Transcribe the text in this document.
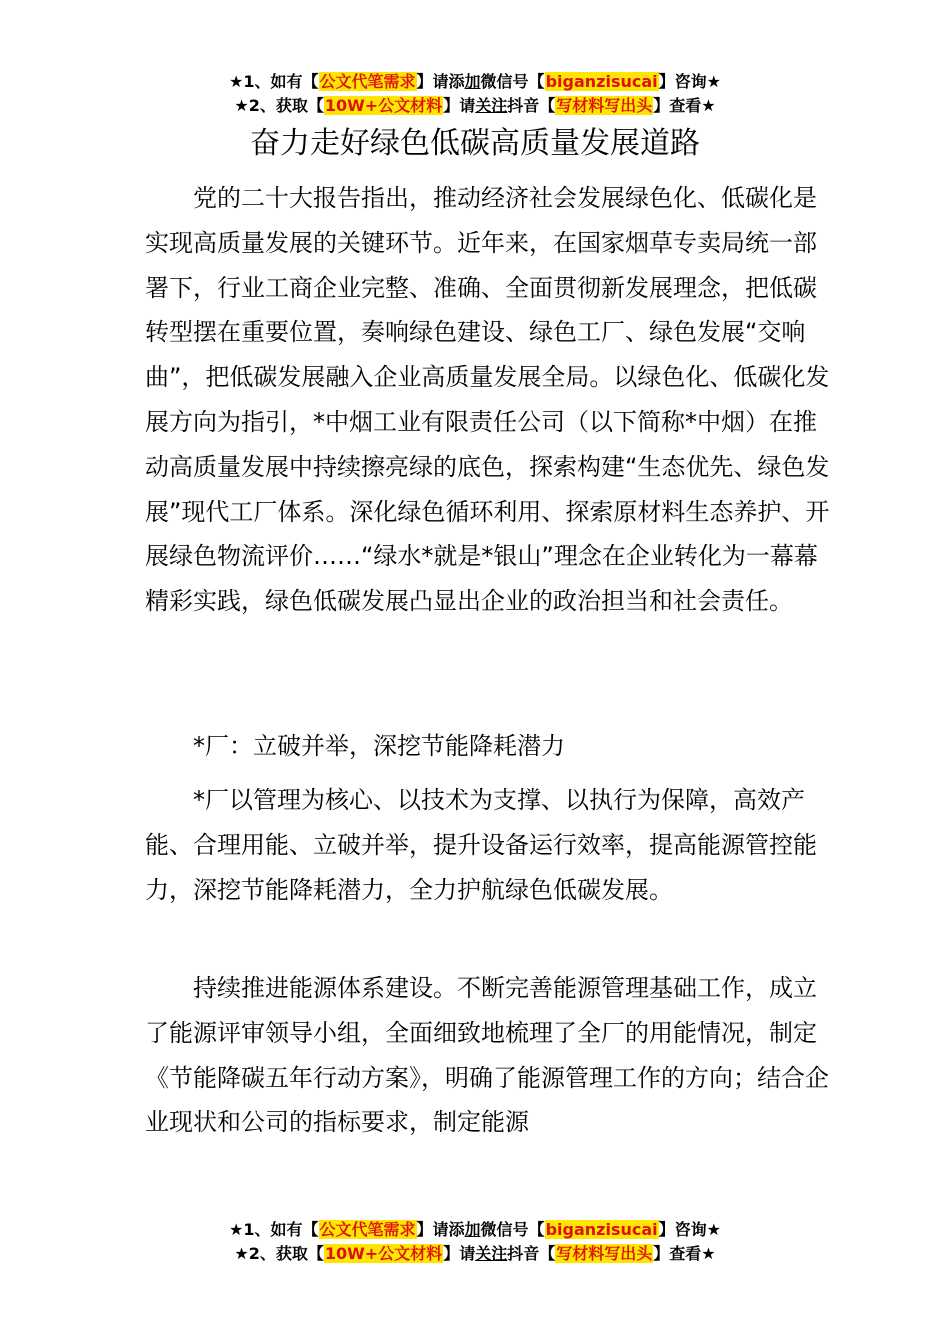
★1、如有【公文代笔需求】请添加微信号【biganzisucai】咨询★
★2、获取【10W+公文材料】请关注抖音【写材料写出头】查看★
奋力走好绿色低碳高质量发展道路

党的二十大报告指出，推动经济社会发展绿色化、低碳化是实现高质量发展的关键环节。近年来，在国家烟草专卖局统一部署下，行业工商企业完整、准确、全面贯彻新发展理念，把低碳转型摆在重要位置，奏响绿色建设、绿色工厂、绿色发展“交响曲”，把低碳发展融入企业高质量发展全局。以绿色化、低碳化发展方向为指引，*中烟工业有限责任公司（以下简称*中烟）在推动高质量发展中持续擦亮绿的底色，探索构建“生态优先、绿色发展”现代工厂体系。深化绿色循环利用、探索原材料生态养护、开展绿色物流评价……“绿水*就是*银山”理念在企业转化为一幕幕精彩实践，绿色低碳发展凸显出企业的政治担当和社会责任。

*厂：立破并举，深挖节能降耗潜力

*厂以管理为核心、以技术为支撑、以执行为保障，高效产能、合理用能、立破并举，提升设备运行效率，提高能源管控能力，深挖节能降耗潜力，全力护航绿色低碳发展。

持续推进能源体系建设。不断完善能源管理基础工作，成立了能源评审领导小组，全面细致地梳理了全厂的用能情况，制定《节能降碳五年行动方案》，明确了能源管理工作的方向；结合企业现状和公司的指标要求，制定能源

★1、如有【公文代笔需求】请添加微信号【biganzisucai】咨询★
★2、获取【10W+公文材料】请关注抖音【写材料写出头】查看★
